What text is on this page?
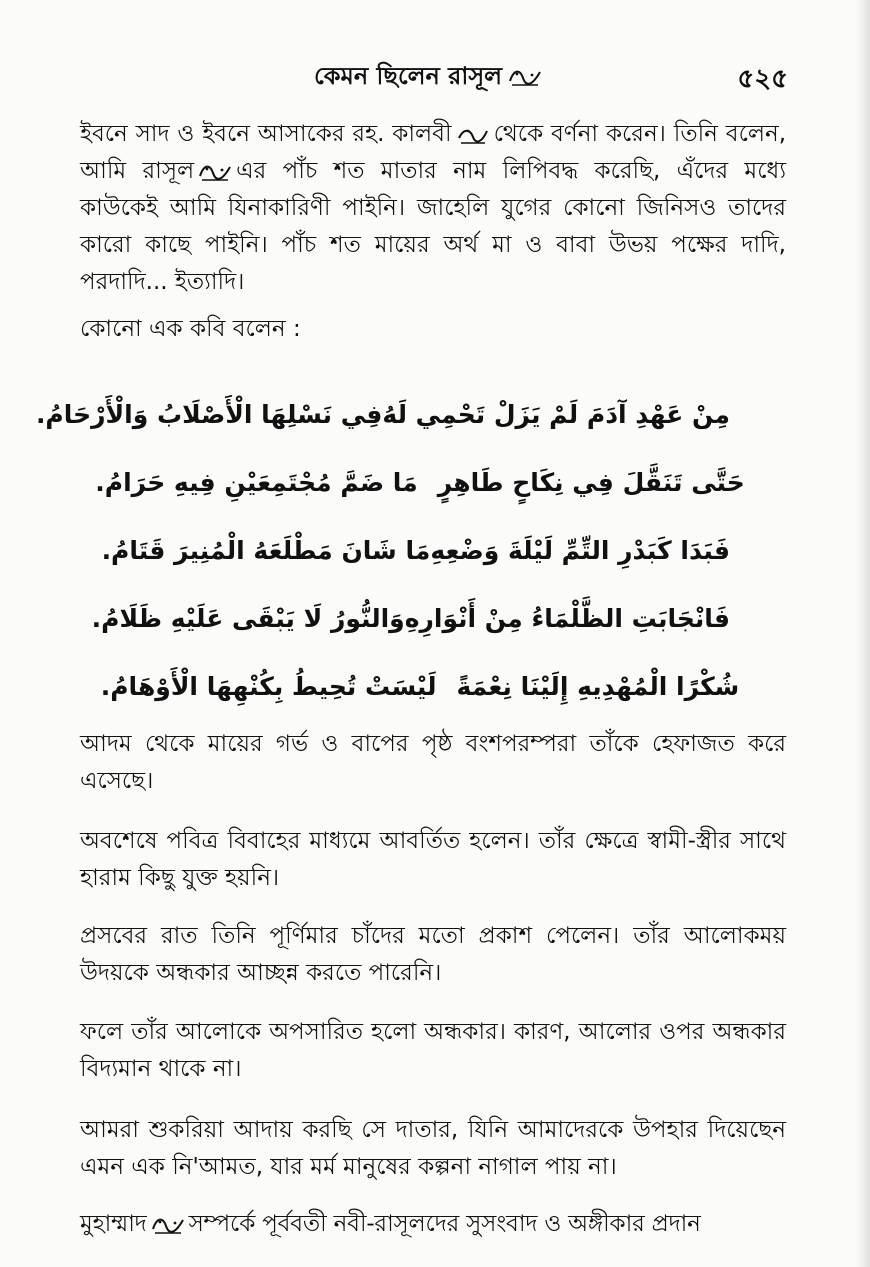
কেমন ছিলেন রাসূল	৫২৫

ইবনে সাদ ও ইবনে আসাকের রহ. কালবী থেকে বর্ণনা করেন। তিনি বলেন, আমি রাসূল এর পাঁচ শত মাতার নাম লিপিবদ্ধ করেছি, এঁদের মধ্যে কাউকেই আমি যিনাকারিণী পাইনি। জাহেলি যুগের কোনো জিনিসও তাদের কারো কাছে পাইনি। পাঁচ শত মায়ের অর্থ মা ও বাবা উভয় পক্ষের দাদি, পরদাদি... ইত্যাদি।

কোনো এক কবি বলেন :

مِنْ عَهْدِ آدَمَ لَمْ يَزَلْ تَحْمِي لَهُ
فِي نَسْلِهَا الْأَصْلَابُ وَالْأَرْحَامُ.
حَتَّى تَنَقَّلَ فِي نِكَاحٍ طَاهِرٍ
مَا ضَمَّ مُجْتَمِعَيْنِ فِيهِ حَرَامُ.
فَبَدَا كَبَدْرِ التِّمِّ لَيْلَةَ وَضْعِهِ
مَا شَانَ مَطْلَعَهُ الْمُنِيرَ قَتَامُ.
فَانْجَابَتِ الظَّلْمَاءُ مِنْ أَنْوَارِهِ
وَالنُّورُ لَا يَبْقَى عَلَيْهِ ظَلَامُ.
شُكْرًا الْمُهْدِيهِ إِلَيْنَا نِعْمَةً
لَيْسَتْ تُحِيطُ بِكُنْهِهَا الْأَوْهَامُ.

আদম থেকে মায়ের গর্ভ ও বাপের পৃষ্ঠ বংশপরম্পরা তাঁকে হেফাজত করে এসেছে।

অবশেষে পবিত্র বিবাহের মাধ্যমে আবর্তিত হলেন। তাঁর ক্ষেত্রে স্বামী-স্ত্রীর সাথে হারাম কিছু যুক্ত হয়নি।

প্রসবের রাত তিনি পূর্ণিমার চাঁদের মতো প্রকাশ পেলেন। তাঁর আলোকময় উদয়কে অন্ধকার আচ্ছন্ন করতে পারেনি।

ফলে তাঁর আলোকে অপসারিত হলো অন্ধকার। কারণ, আলোর ওপর অন্ধকার বিদ্যমান থাকে না।

আমরা শুকরিয়া আদায় করছি সে দাতার, যিনি আমাদেরকে উপহার দিয়েছেন এমন এক নি'আমত, যার মর্ম মানুষের কল্পনা নাগাল পায় না।

মুহাম্মাদ সম্পর্কে পূর্ববতী নবী-রাসূলদের সুসংবাদ ও অঙ্গীকার প্রদান
